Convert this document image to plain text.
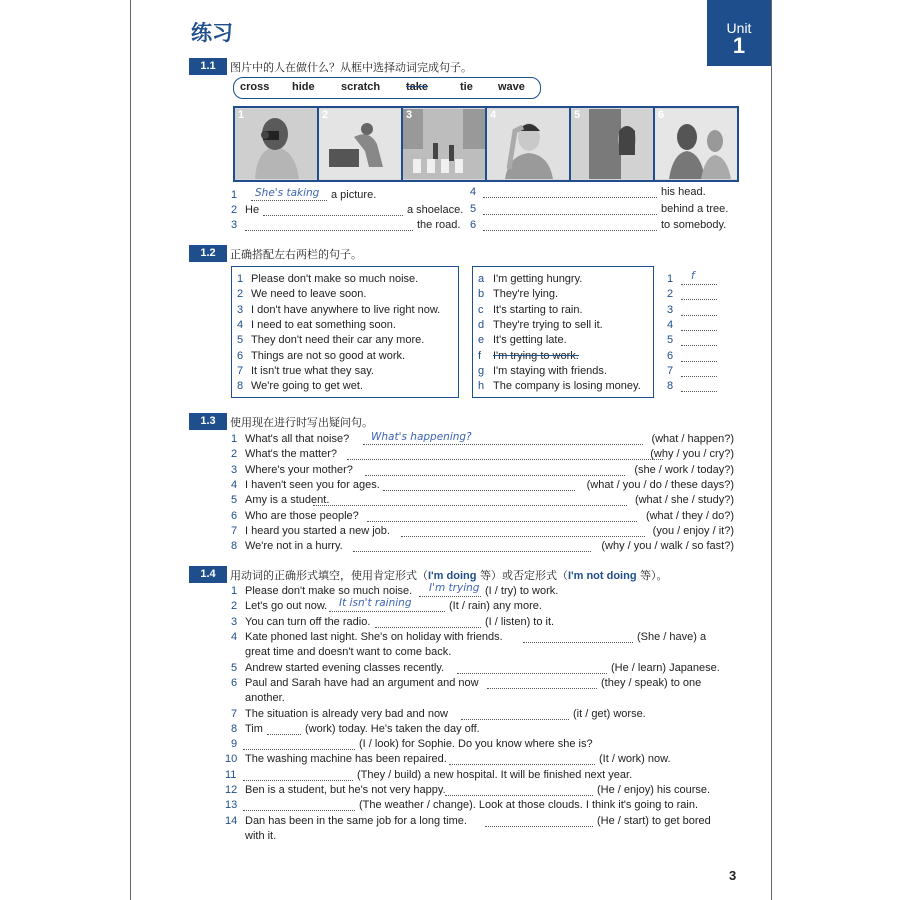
练习	Unit
1
1.1	图片中的人在做什么？从框中选择动词完成句子。
cross hide scratch take	tie wave
1	2	3	4	5	6
1 She's taking a picture.
2 He	a shoelace.
3	the road.
4	his head.
5	behind a tree.
6	to somebody.
1.2	正确搭配左右两栏的句子。
1 Please don't make so much noise.
2 We need to leave soon.
3 I don't have anywhere to live right now.
4 I need to eat something soon.
5 They don't need their car any more.
6 Things are not so good at work.
7 It isn't true what they say.
8 We're going to get wet.
a I'm getting hungry.
b They're lying.
c It's starting to rain.
d They're trying to sell it.
e It's getting late.
f I'm trying to work.
g I'm staying with friends.
h The company is losing money.
1 f
2
3
4
5
6
7
8
1.3	使用现在进行时写出疑问句。
1 What's all that noise? What's happening?	(what / happen?)
2 What's the matter?	(why / you / cry?)
3 Where's your mother?	(she / work / today?)
4 I haven't seen you for ages.	(what / you / do / these days?)
5 Amy is a student.	(what / she / study?)
6 Who are those people?	(what / they / do?)
7 I heard you started a new job.	(you / enjoy / it?)
8 We're not in a hurry.	(why / you / walk / so fast?)
1.4	用动词的正确形式填空，使用肯定形式（I'm doing 等）或否定形式（I'm not doing 等）。
1 Please don't make so much noise. I'm trying (I / try) to work.
2 Let's go out now. It isn't raining	(It / rain) any more.
3 You can turn off the radio.	(I / listen) to it.
4 Kate phoned last night. She's on holiday with friends.	(She / have) a
great time and doesn't want to come back.
5 Andrew started evening classes recently.	(He / learn) Japanese.
6 Paul and Sarah have had an argument and now	(they / speak) to one
another.
7 The situation is already very bad and now	(it / get) worse.
8 Tim	(work) today. He's taken the day off.
9	(I / look) for Sophie. Do you know where she is?
10 The washing machine has been repaired.	(It / work) now.
11	(They / build) a new hospital. It will be finished next year.
12 Ben is a student, but he's not very happy.	(He / enjoy) his course.
13	(The weather / change). Look at those clouds. I think it's going to rain.
14 Dan has been in the same job for a long time.	(He / start) to get bored
with it.
3
